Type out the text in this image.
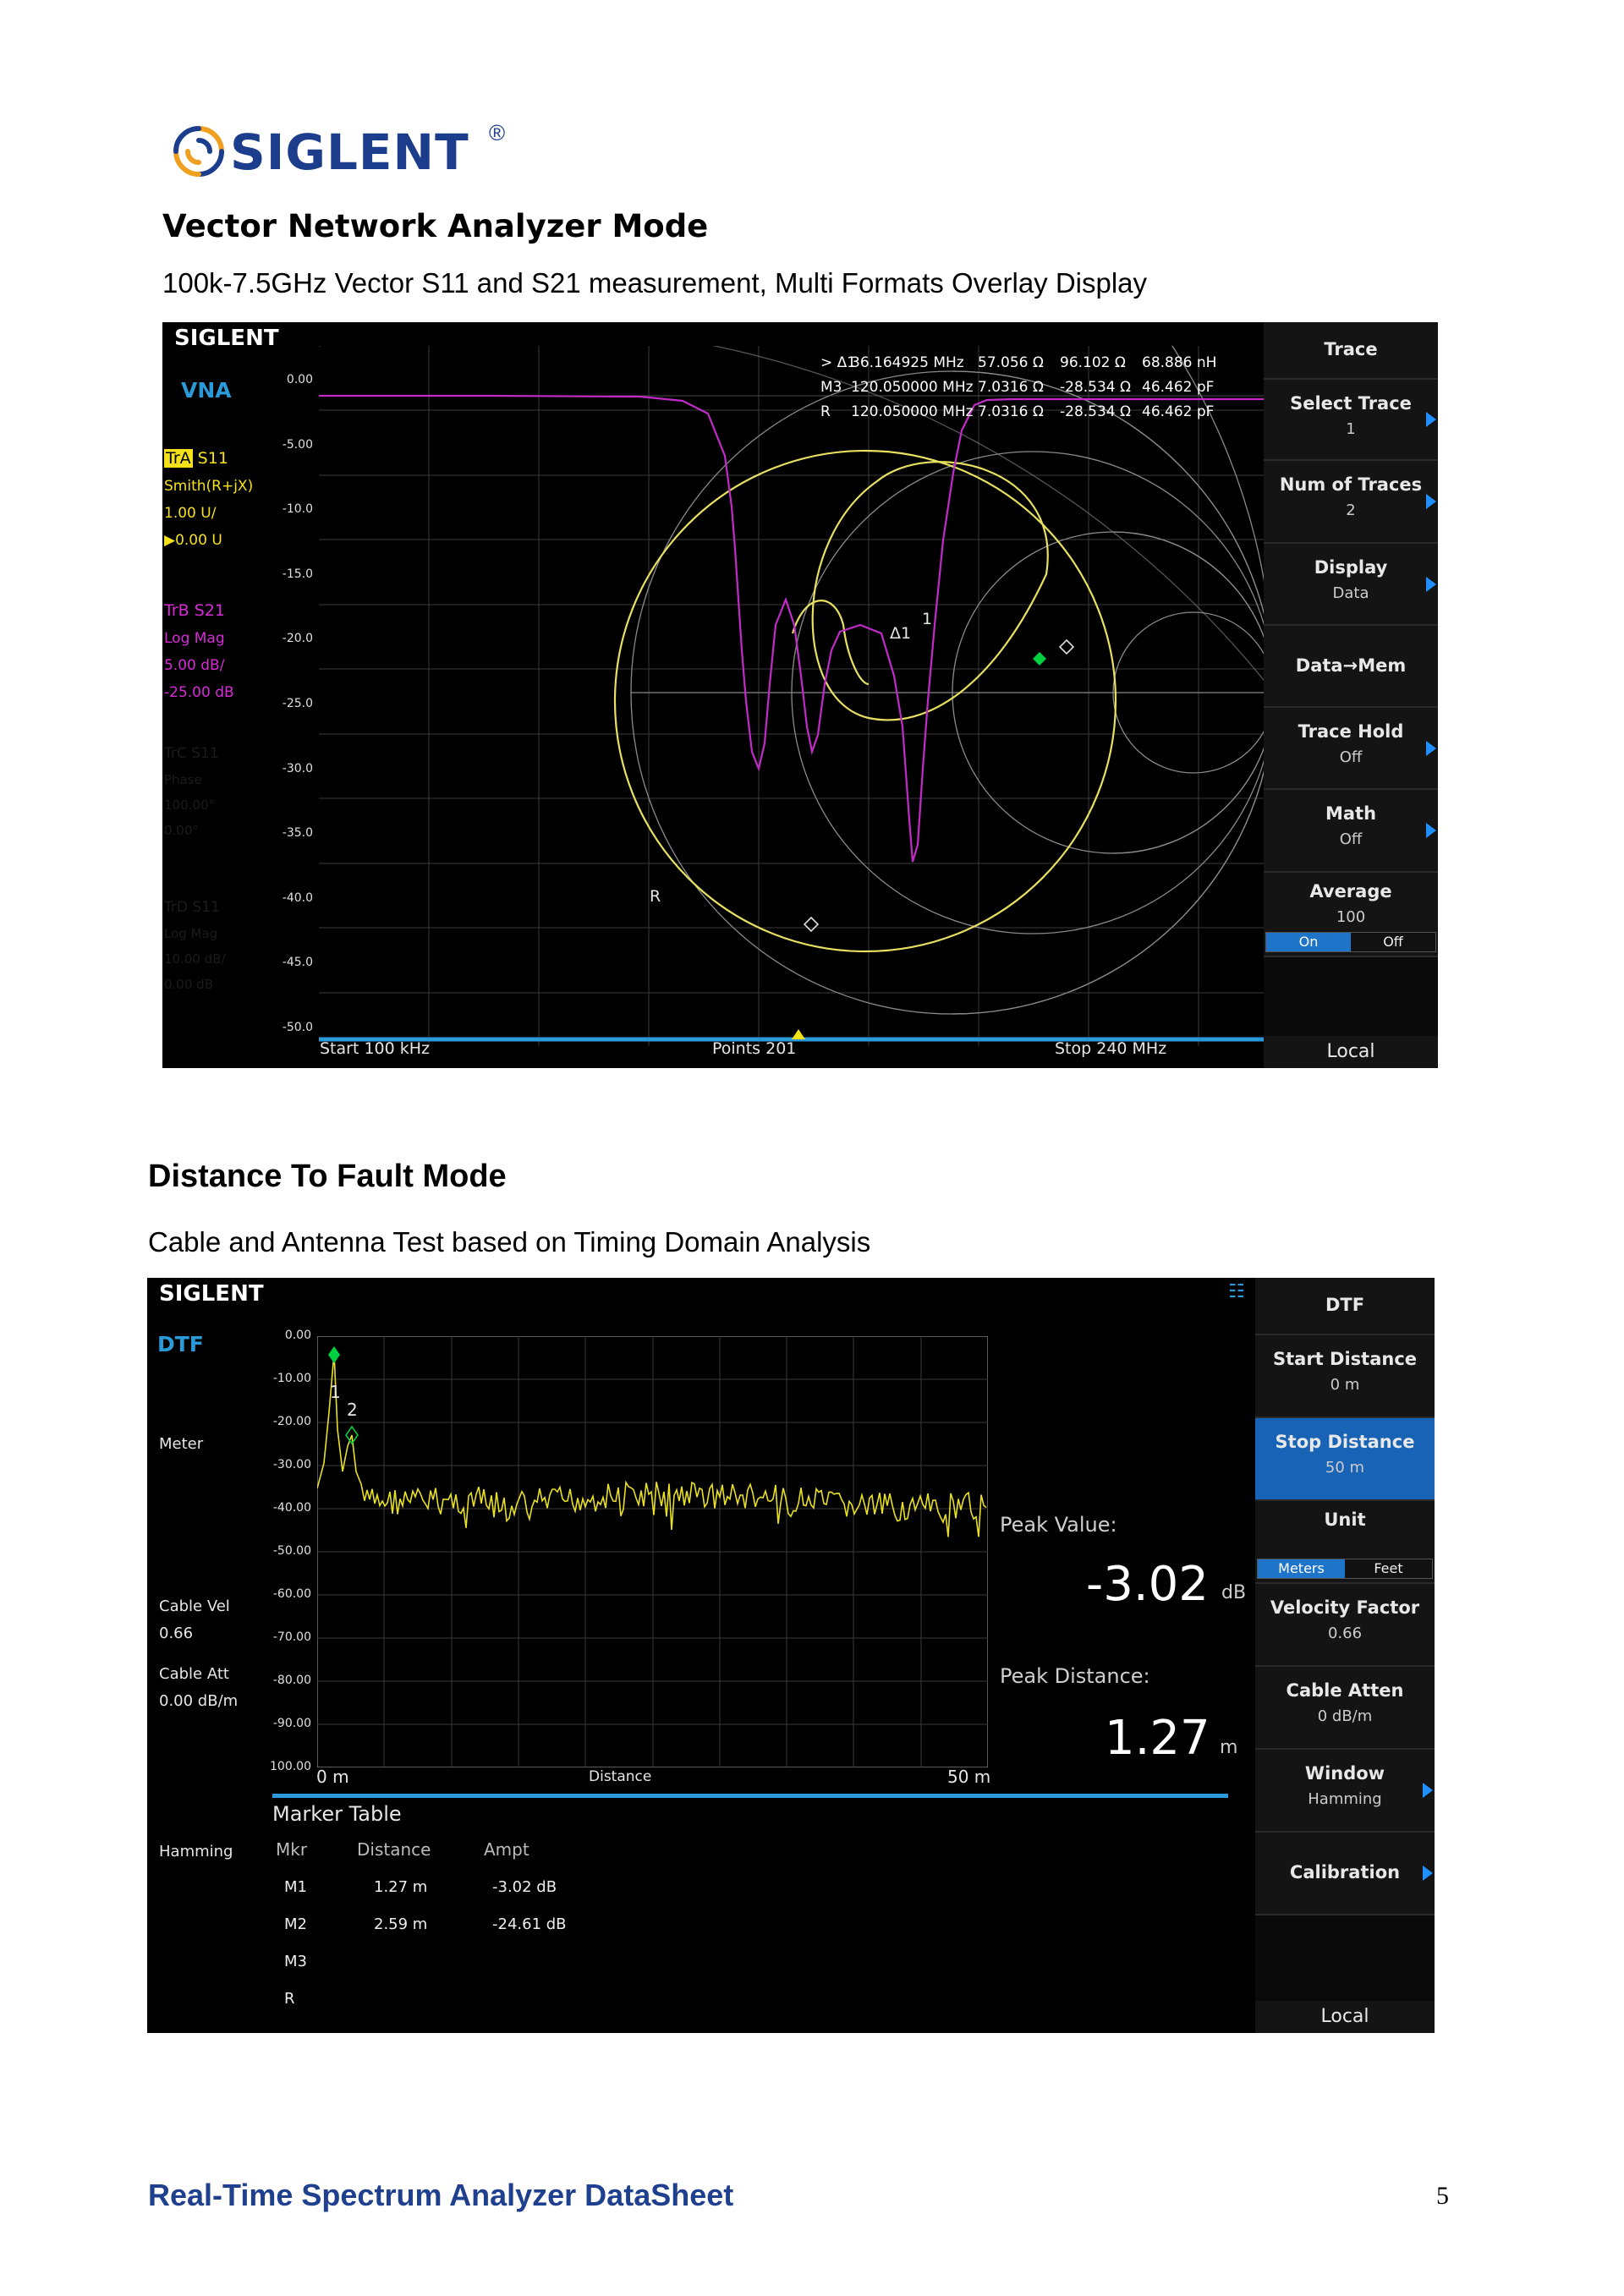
SIGLENT ®
Vector Network Analyzer Mode
100k-7.5GHz Vector S11 and S21 measurement, Multi Formats Overlay Display
SIGLENT
VNA
TrA S11
Smith(R+jX)
1.00 U/
▶0.00 U
TrB S21
Log Mag
5.00 dB/
-25.00 dB
TrC S11
Phase
100.00°
0.00°
TrD S11
Log Mag
10.00 dB/
0.00 dB
0.00
-5.00
-10.0
-15.0
-20.0
-25.0
-30.0
-35.0
-40.0
-45.0
-50.0
Δ1
1
R
> Δ1
36.164925 MHz 57.056 Ω 96.102 Ω 68.886 nH
M3 120.050000 MHz 7.0316 Ω -28.534 Ω 46.462 pF
R 120.050000 MHz 7.0316 Ω -28.534 Ω 46.462 pF
Start 100 kHz	Points 201	Stop 240 MHz
Trace
Select Trace
1
Num of Traces
2
Display
Data
Data→Mem
Trace Hold
Off
Math
Off
Average
100
On	Off
Local
Distance To Fault Mode
Cable and Antenna Test based on Timing Domain Analysis
SIGLENT
DTF
☷
Meter
Cable Vel
0.66
Cable Att
0.00 dB/m
Hamming
0.00
-10.00
-20.00
-30.00
-40.00
-50.00
-60.00
-70.00
-80.00
-90.00
100.00
1
2
0 m	Distance	50 m
Peak Value:
-3.02 dB
Peak Distance:
1.27 m
Marker Table
Mkr	Distance	Ampt
M1	1.27 m	-3.02 dB
M2	2.59 m	-24.61 dB
M3
R
DTF
Start Distance
0 m
Stop Distance
50 m
Unit
Meters	Feet
Velocity Factor
0.66
Cable Atten
0 dB/m
Window
Hamming
Calibration
Local
Real-Time Spectrum Analyzer DataSheet	5
